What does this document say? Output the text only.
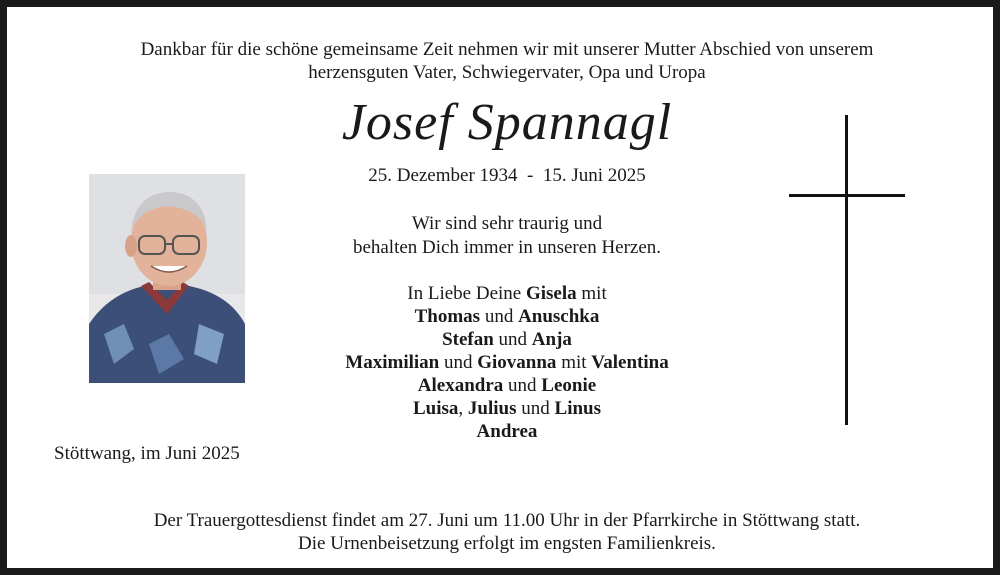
Dankbar für die schöne gemeinsame Zeit nehmen wir mit unserer Mutter Abschied von unserem
herzensguten Vater, Schwiegervater, Opa und Uropa
Josef Spannagl
25. Dezember 1934  -  15. Juni 2025
Wir sind sehr traurig und
behalten Dich immer in unseren Herzen.
In Liebe Deine Gisela mit
Thomas und Anuschka
Stefan und Anja
Maximilian und Giovanna mit Valentina
Alexandra und Leonie
Luisa, Julius und Linus
Andrea
Stöttwang, im Juni 2025
Der Trauergottesdienst findet am 27. Juni um 11.00 Uhr in der Pfarrkirche in Stöttwang statt.
Die Urnenbeisetzung erfolgt im engsten Familienkreis.
